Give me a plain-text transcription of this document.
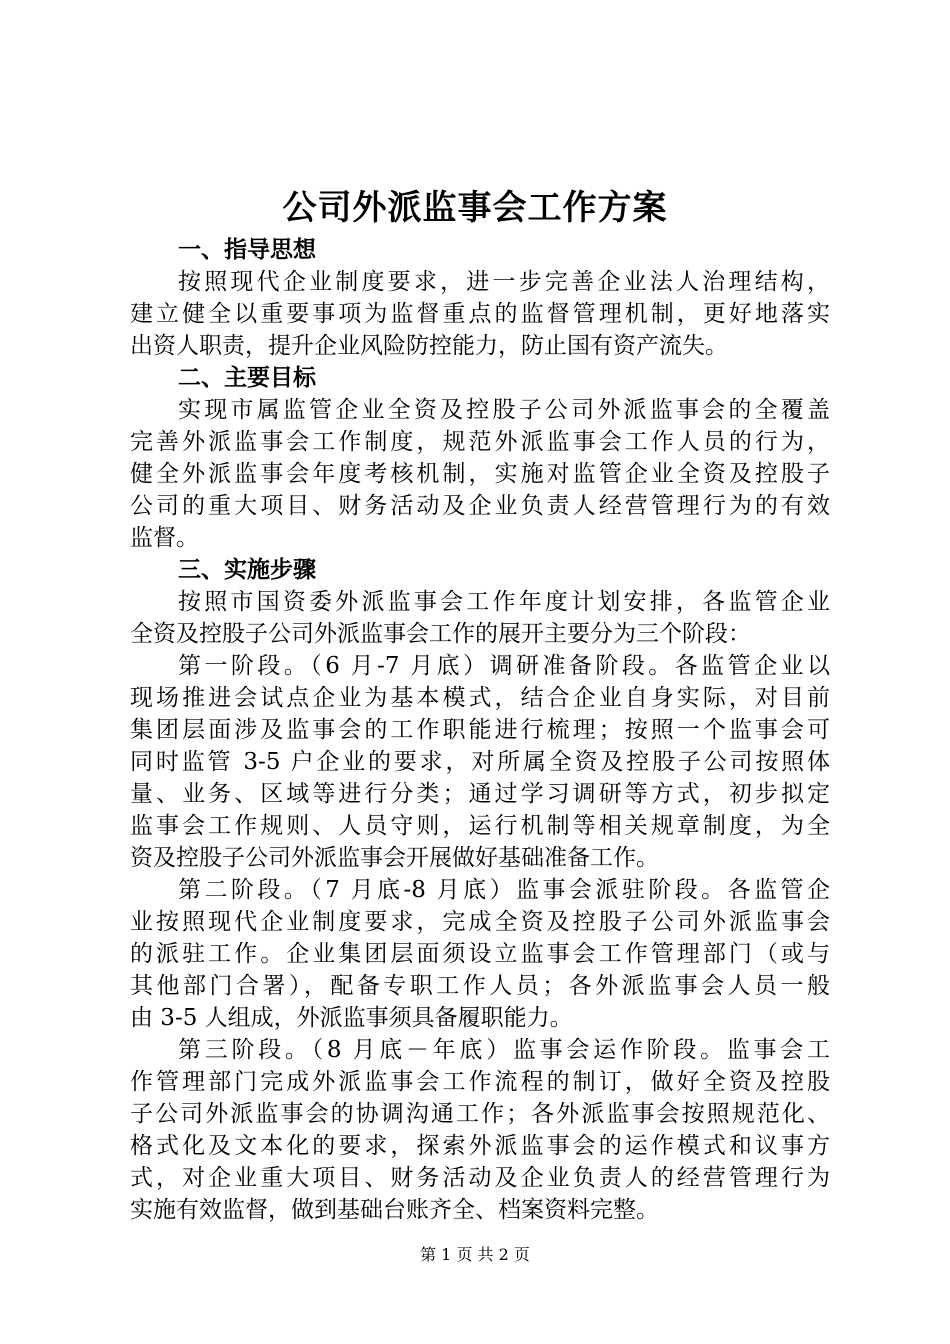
公司外派监事会工作方案
一、指导思想
按照现代企业制度要求，进一步完善企业法人治理结构，
建立健全以重要事项为监督重点的监督管理机制，更好地落实
出资人职责，提升企业风险防控能力，防止国有资产流失。
二、主要目标
实现市属监管企业全资及控股子公司外派监事会的全覆盖
完善外派监事会工作制度，规范外派监事会工作人员的行为，
健全外派监事会年度考核机制，实施对监管企业全资及控股子
公司的重大项目、财务活动及企业负责人经营管理行为的有效
监督。
三、实施步骤
按照市国资委外派监事会工作年度计划安排，各监管企业
全资及控股子公司外派监事会工作的展开主要分为三个阶段：
第一阶段。（6 月-7 月底）调研准备阶段。各监管企业以
现场推进会试点企业为基本模式，结合企业自身实际，对目前
集团层面涉及监事会的工作职能进行梳理；按照一个监事会可
同时监管 3-5 户企业的要求，对所属全资及控股子公司按照体
量、业务、区域等进行分类；通过学习调研等方式，初步拟定
监事会工作规则、人员守则，运行机制等相关规章制度，为全
资及控股子公司外派监事会开展做好基础准备工作。
第二阶段。（7 月底-8 月底）监事会派驻阶段。各监管企
业按照现代企业制度要求，完成全资及控股子公司外派监事会
的派驻工作。企业集团层面须设立监事会工作管理部门（或与
其他部门合署），配备专职工作人员；各外派监事会人员一般
由 3-5 人组成，外派监事须具备履职能力。
第三阶段。（8 月底－年底）监事会运作阶段。监事会工
作管理部门完成外派监事会工作流程的制订，做好全资及控股
子公司外派监事会的协调沟通工作；各外派监事会按照规范化、
格式化及文本化的要求，探索外派监事会的运作模式和议事方
式，对企业重大项目、财务活动及企业负责人的经营管理行为
实施有效监督，做到基础台账齐全、档案资料完整。
第 1 页 共 2 页
